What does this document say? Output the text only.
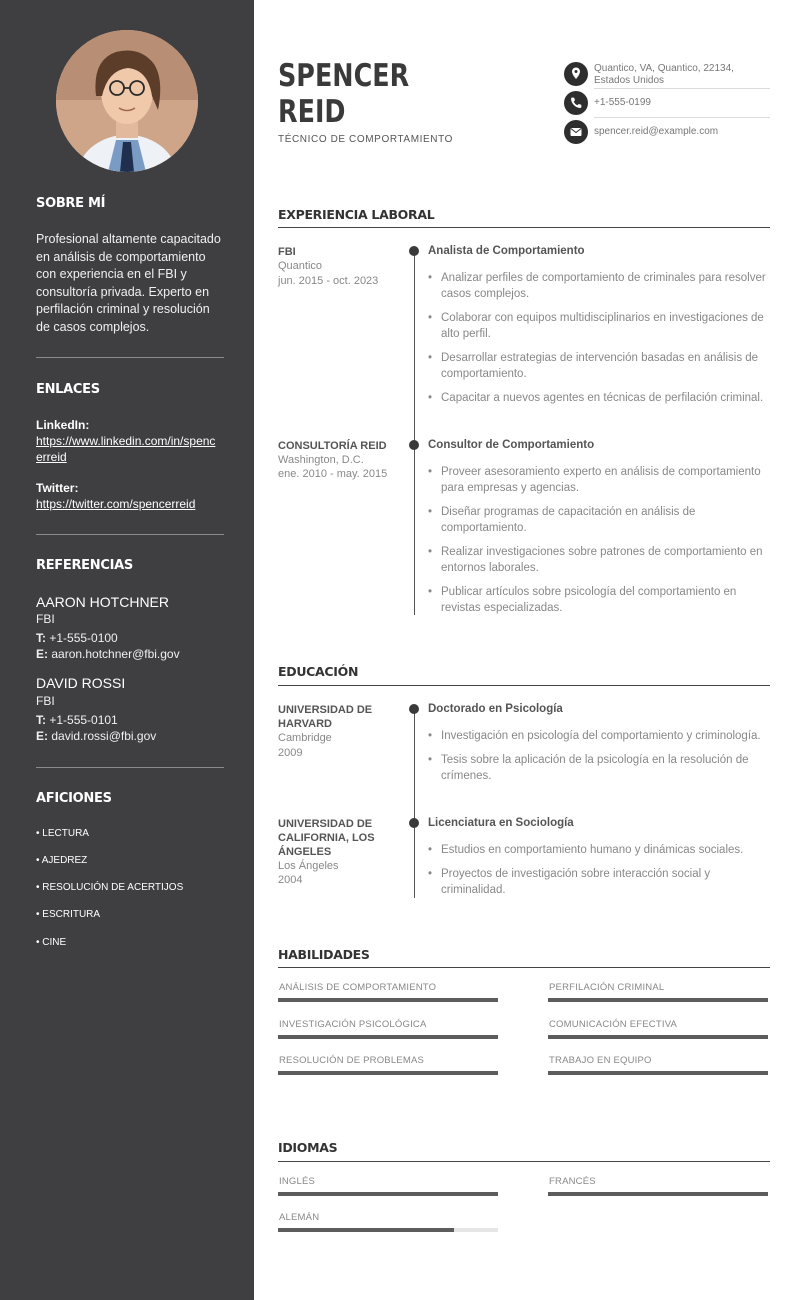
SOBRE MÍ
Profesional altamente capacitado en análisis de comportamiento con experiencia en el FBI y consultoría privada. Experto en perfilación criminal y resolución de casos complejos.
ENLACES
LinkedIn:
https://www.linkedin.com/in/spencerreid
Twitter:
https://twitter.com/spencerreid
REFERENCIAS
AARON HOTCHNER
FBI
T: +1-555-0100
E: aaron.hotchner@fbi.gov
DAVID ROSSI
FBI
T: +1-555-0101
E: david.rossi@fbi.gov
AFICIONES
• LECTURA
• AJEDREZ
• RESOLUCIÓN DE ACERTIJOS
• ESCRITURA
• CINE
SPENCER
REID
TÉCNICO DE COMPORTAMIENTO
Quantico, VA, Quantico, 22134, Estados Unidos
+1-555-0199
spencer.reid@example.com
EXPERIENCIA LABORAL
FBI
Quantico
jun. 2015 - oct. 2023
Analista de Comportamiento
• Analizar perfiles de comportamiento de criminales para resolver casos complejos.
• Colaborar con equipos multidisciplinarios en investigaciones de alto perfil.
• Desarrollar estrategias de intervención basadas en análisis de comportamiento.
• Capacitar a nuevos agentes en técnicas de perfilación criminal.
CONSULTORÍA REID
Washington, D.C.
ene. 2010 - may. 2015
Consultor de Comportamiento
• Proveer asesoramiento experto en análisis de comportamiento para empresas y agencias.
• Diseñar programas de capacitación en análisis de comportamiento.
• Realizar investigaciones sobre patrones de comportamiento en entornos laborales.
• Publicar artículos sobre psicología del comportamiento en revistas especializadas.
EDUCACIÓN
UNIVERSIDAD DE HARVARD
Cambridge
2009
Doctorado en Psicología
• Investigación en psicología del comportamiento y criminología.
• Tesis sobre la aplicación de la psicología en la resolución de crímenes.
UNIVERSIDAD DE CALIFORNIA, LOS ÁNGELES
Los Ángeles
2004
Licenciatura en Sociología
• Estudios en comportamiento humano y dinámicas sociales.
• Proyectos de investigación sobre interacción social y criminalidad.
HABILIDADES
ANÁLISIS DE COMPORTAMIENTO	PERFILACIÓN CRIMINAL
INVESTIGACIÓN PSICOLÓGICA	COMUNICACIÓN EFECTIVA
RESOLUCIÓN DE PROBLEMAS	TRABAJO EN EQUIPO
IDIOMAS
INGLÉS	FRANCÉS
ALEMÁN
